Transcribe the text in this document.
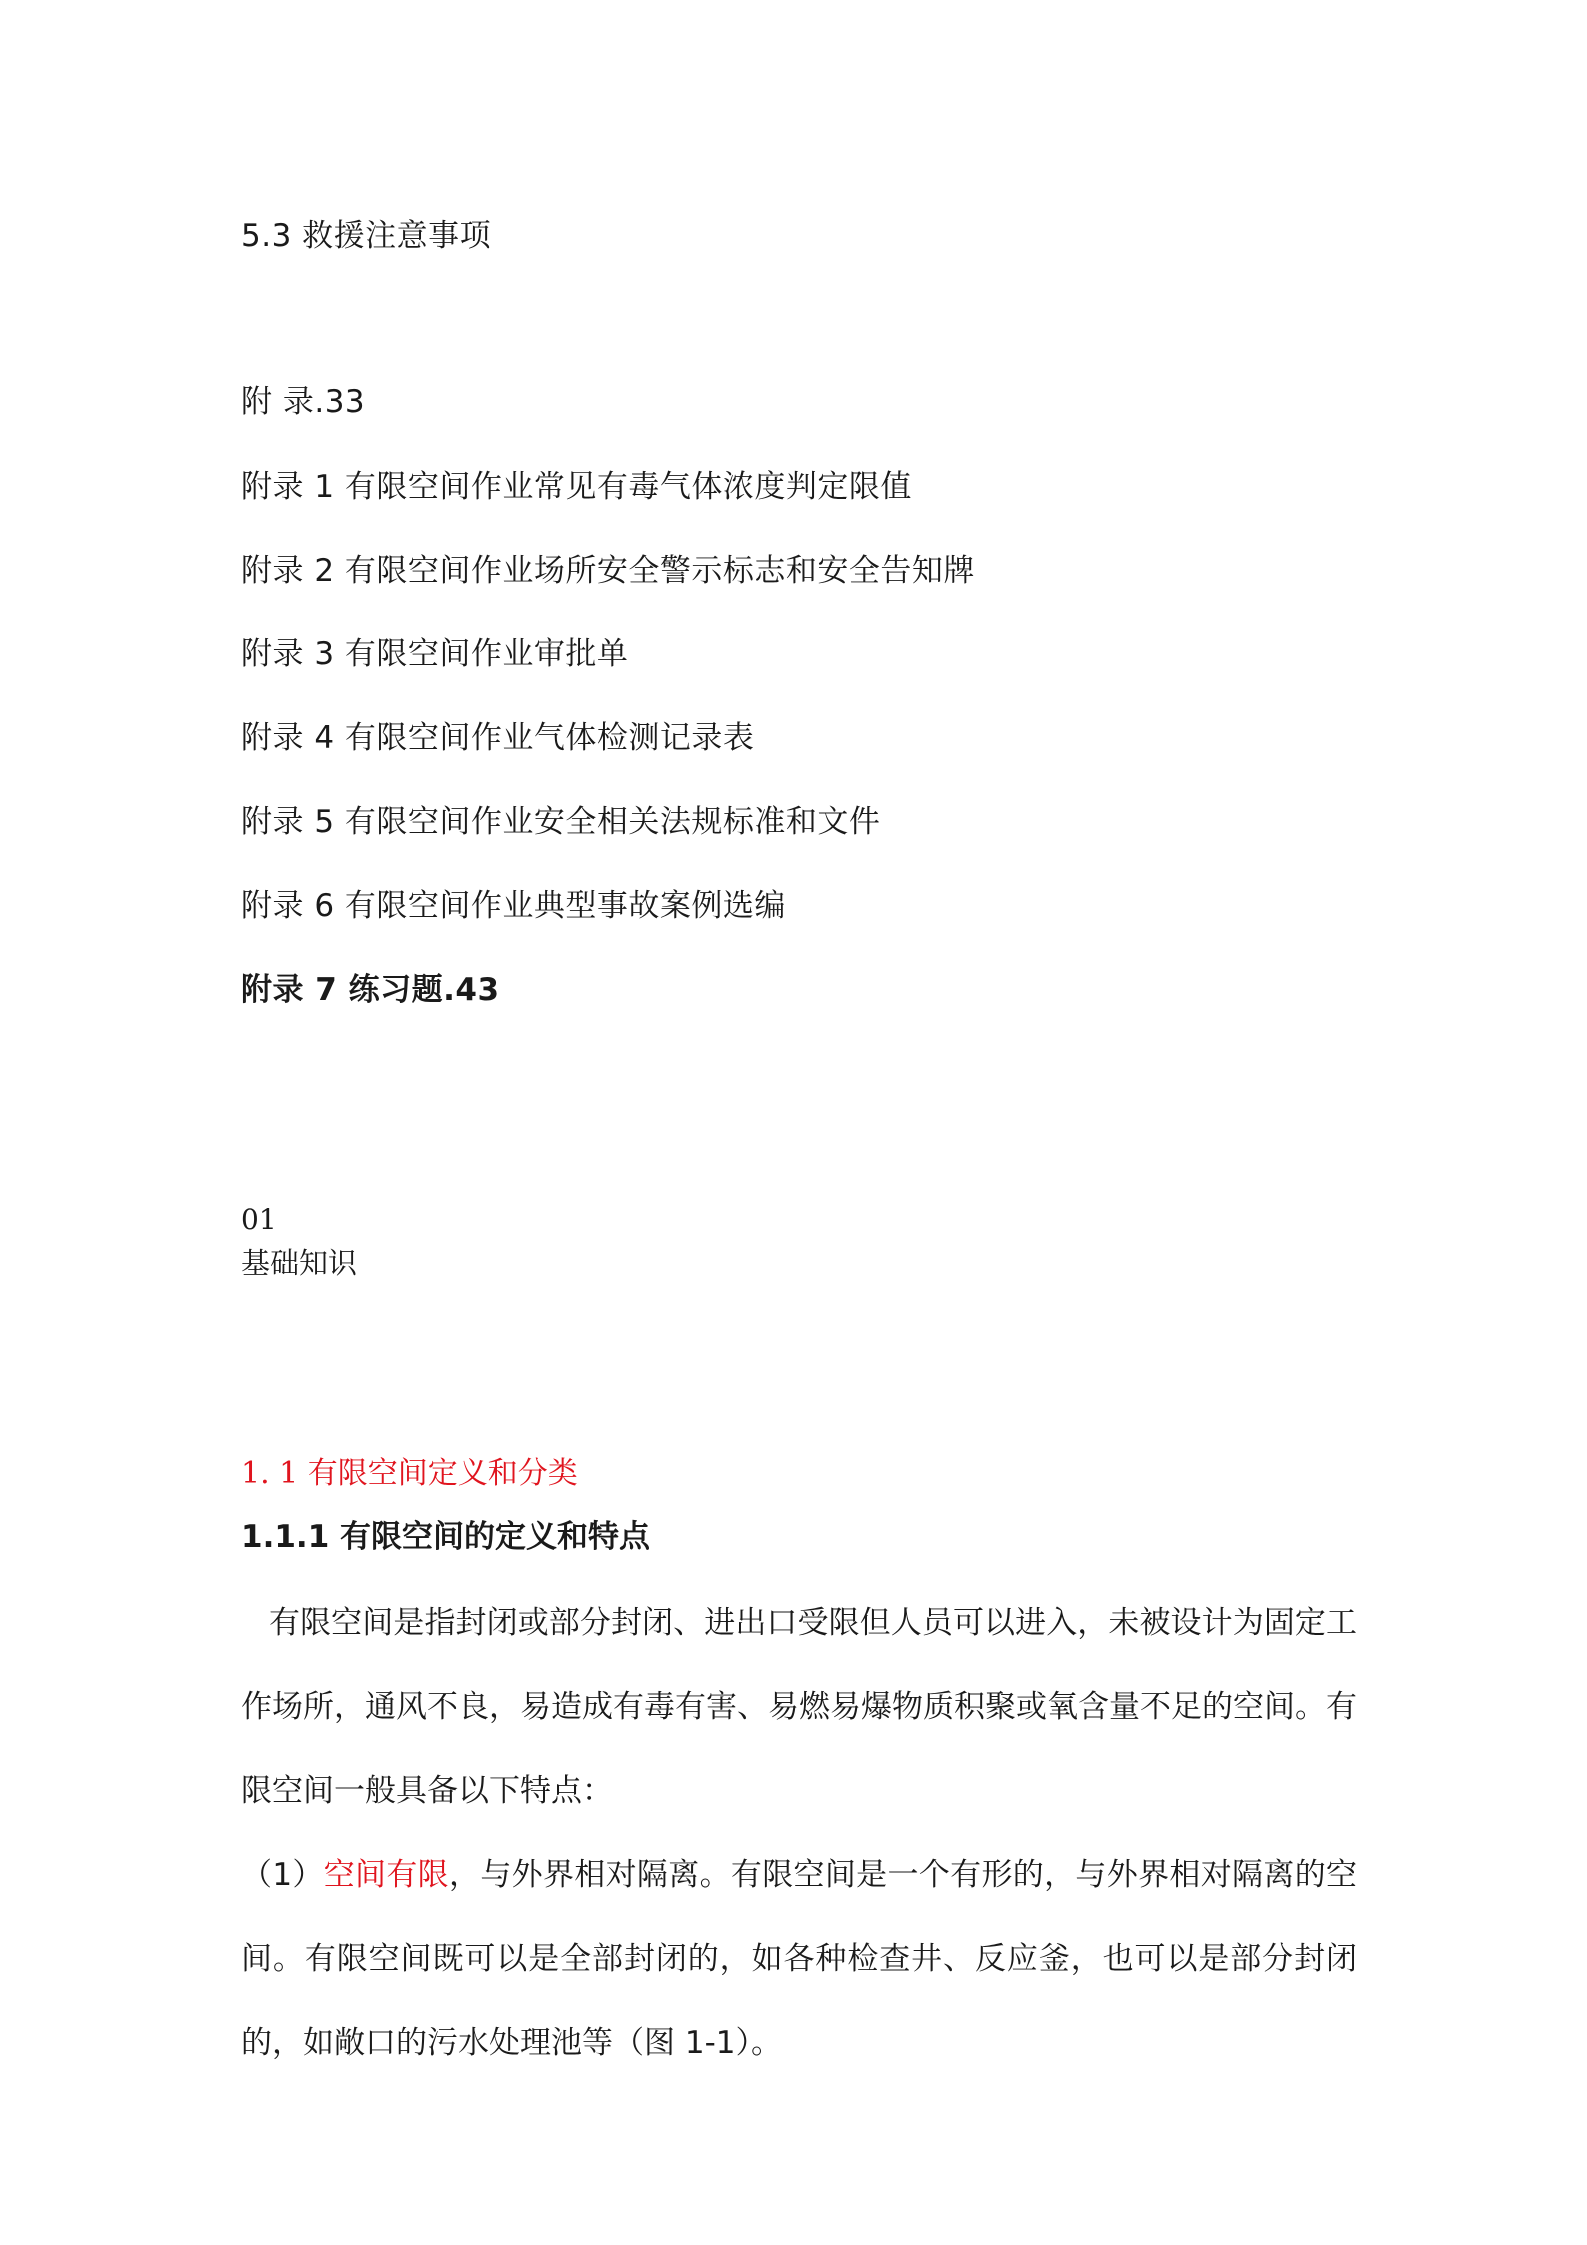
5.3 救援注意事项
附 录.33
附录 1 有限空间作业常见有毒气体浓度判定限值
附录 2 有限空间作业场所安全警示标志和安全告知牌
附录 3 有限空间作业审批单
附录 4 有限空间作业气体检测记录表
附录 5 有限空间作业安全相关法规标准和文件
附录 6 有限空间作业典型事故案例选编
附录 7 练习题.43
01
基础知识
1. 1 有限空间定义和分类
1.1.1 有限空间的定义和特点

有限空间是指封闭或部分封闭、进出口受限但人员可以进入，未被设计为固定工作场所，通风不良，易造成有毒有害、易燃易爆物质积聚或氧含量不足的空间。有限空间一般具备以下特点：

（1）空间有限，与外界相对隔离。有限空间是一个有形的，与外界相对隔离的空间。有限空间既可以是全部封闭的，如各种检查井、反应釜，也可以是部分封闭的，如敞口的污水处理池等（图 1-1）。
